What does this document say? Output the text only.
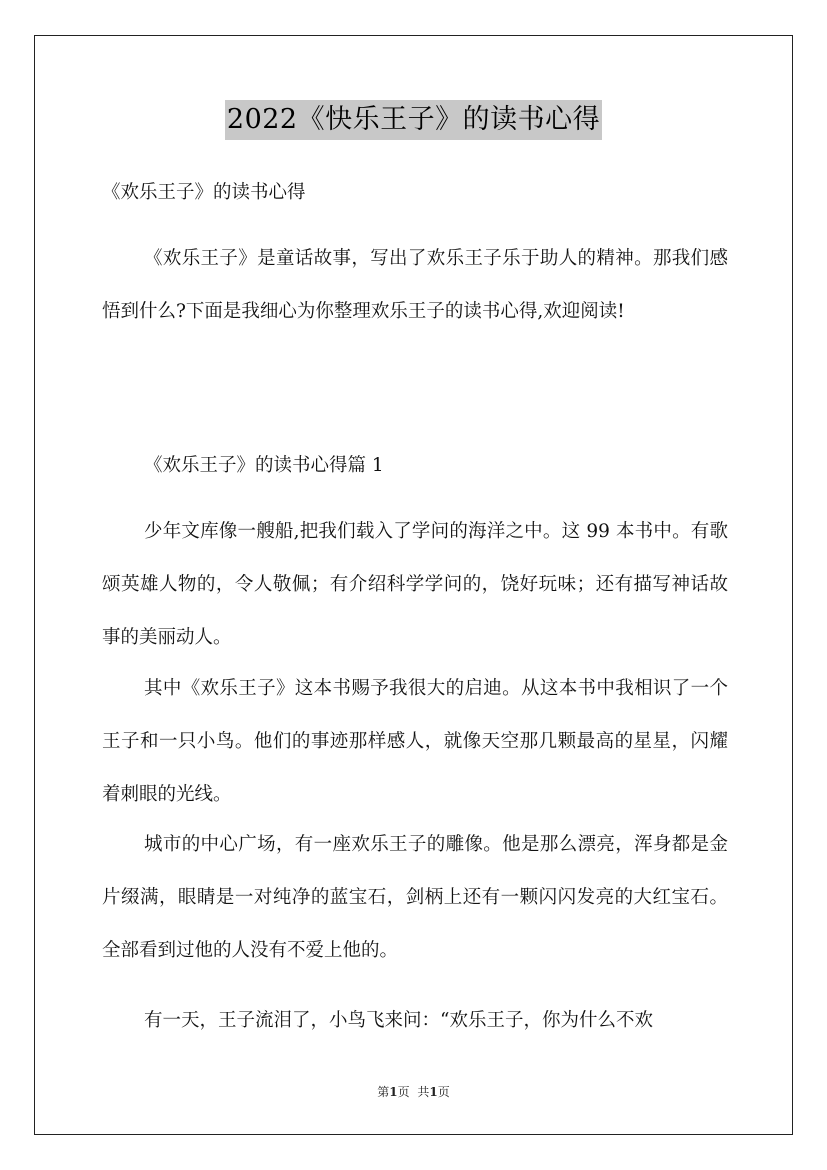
2022《快乐王子》的读书心得

《欢乐王子》的读书心得

《欢乐王子》是童话故事，写出了欢乐王子乐于助人的精神。那我们感悟到什么?下面是我细心为你整理欢乐王子的读书心得,欢迎阅读!

《欢乐王子》的读书心得篇 1

少年文库像一艘船,把我们载入了学问的海洋之中。这 99 本书中。有歌颂英雄人物的，令人敬佩；有介绍科学学问的，饶好玩味；还有描写神话故事的美丽动人。

其中《欢乐王子》这本书赐予我很大的启迪。从这本书中我相识了一个王子和一只小鸟。他们的事迹那样感人，就像天空那几颗最高的星星，闪耀着刺眼的光线。

城市的中心广场，有一座欢乐王子的雕像。他是那么漂亮，浑身都是金片缀满，眼睛是一对纯净的蓝宝石，剑柄上还有一颗闪闪发亮的大红宝石。全部看到过他的人没有不爱上他的。

有一天，王子流泪了，小鸟飞来问：“欢乐王子，你为什么不欢

第1页 共1页
